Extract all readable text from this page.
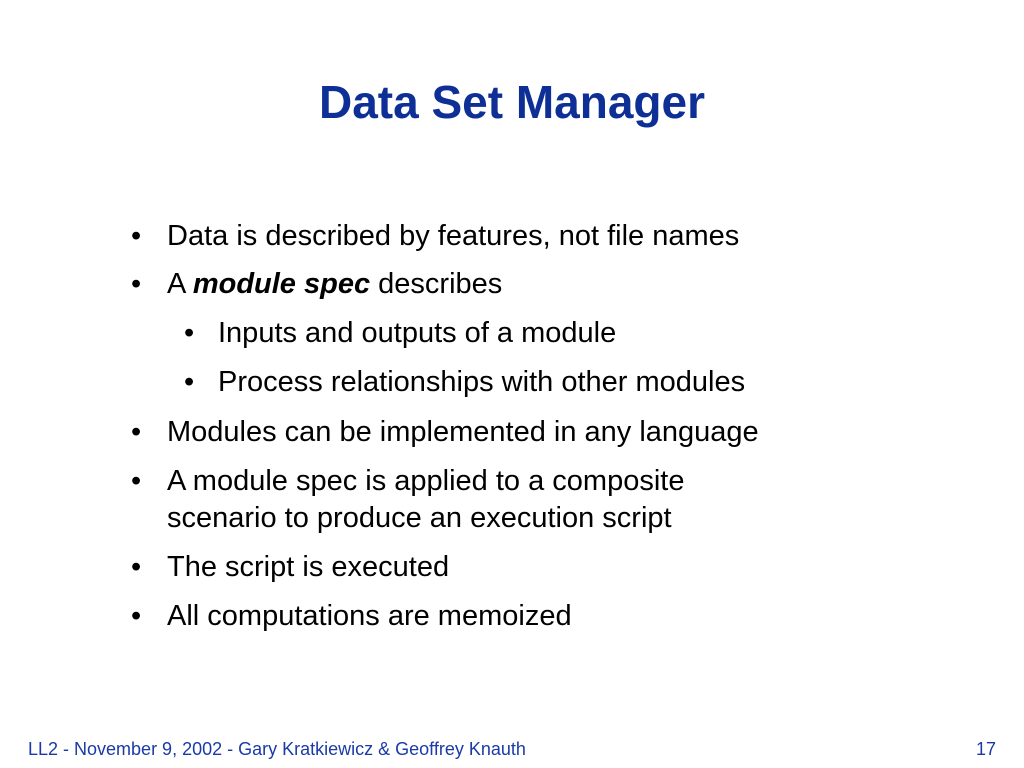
Data Set Manager
• Data is described by features, not file names
• A module spec describes
• Inputs and outputs of a module
• Process relationships with other modules
• Modules can be implemented in any language
• A module spec is applied to a composite
scenario to produce an execution script
• The script is executed
• All computations are memoized
LL2 - November 9, 2002 - Gary Kratkiewicz & Geoffrey Knauth	17
